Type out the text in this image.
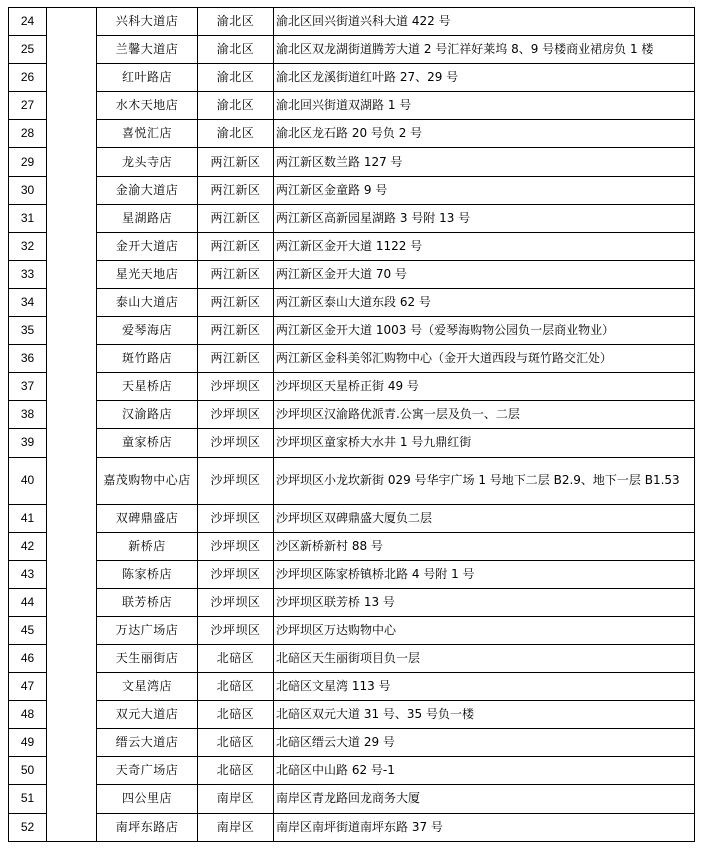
24		兴科大道店	渝北区	渝北区回兴街道兴科大道 422 号
25		兰馨大道店	渝北区	渝北区双龙湖街道腾芳大道 2 号汇祥好莱坞 8、9 号楼商业裙房负 1 楼
26		红叶路店	渝北区	渝北区龙溪街道红叶路 27、29 号
27		水木天地店	渝北区	渝北回兴街道双湖路 1 号
28		喜悦汇店	渝北区	渝北区龙石路 20 号负 2 号
29		龙头寺店	两江新区	两江新区数兰路 127 号
30		金渝大道店	两江新区	两江新区金童路 9 号
31		星湖路店	两江新区	两江新区高新园星湖路 3 号附 13 号
32		金开大道店	两江新区	两江新区金开大道 1122 号
33		星光天地店	两江新区	两江新区金开大道 70 号
34		泰山大道店	两江新区	两江新区泰山大道东段 62 号
35		爱琴海店	两江新区	两江新区金开大道 1003 号（爱琴海购物公园负一层商业物业）
36		斑竹路店	两江新区	两江新区金科美邻汇购物中心（金开大道西段与斑竹路交汇处）
37		天星桥店	沙坪坝区	沙坪坝区天星桥正街 49 号
38		汉渝路店	沙坪坝区	沙坪坝区汉渝路优派青.公寓一层及负一、二层
39		童家桥店	沙坪坝区	沙坪坝区童家桥大水井 1 号九鼎红街
40		嘉茂购物中心店	沙坪坝区	沙坪坝区小龙坎新街 029 号华宇广场 1 号地下二层 B2.9、地下一层 B1.53
41		双碑鼎盛店	沙坪坝区	沙坪坝区双碑鼎盛大厦负二层
42		新桥店	沙坪坝区	沙区新桥新村 88 号
43		陈家桥店	沙坪坝区	沙坪坝区陈家桥镇桥北路 4 号附 1 号
44		联芳桥店	沙坪坝区	沙坪坝区联芳桥 13 号
45		万达广场店	沙坪坝区	沙坪坝区万达购物中心
46		天生丽街店	北碚区	北碚区天生丽街项目负一层
47		文星湾店	北碚区	北碚区文星湾 113 号
48		双元大道店	北碚区	北碚区双元大道 31 号、35 号负一楼
49		缙云大道店	北碚区	北碚区缙云大道 29 号
50		天奇广场店	北碚区	北碚区中山路 62 号-1
51		四公里店	南岸区	南岸区青龙路回龙商务大厦
52		南坪东路店	南岸区	南岸区南坪街道南坪东路 37 号
